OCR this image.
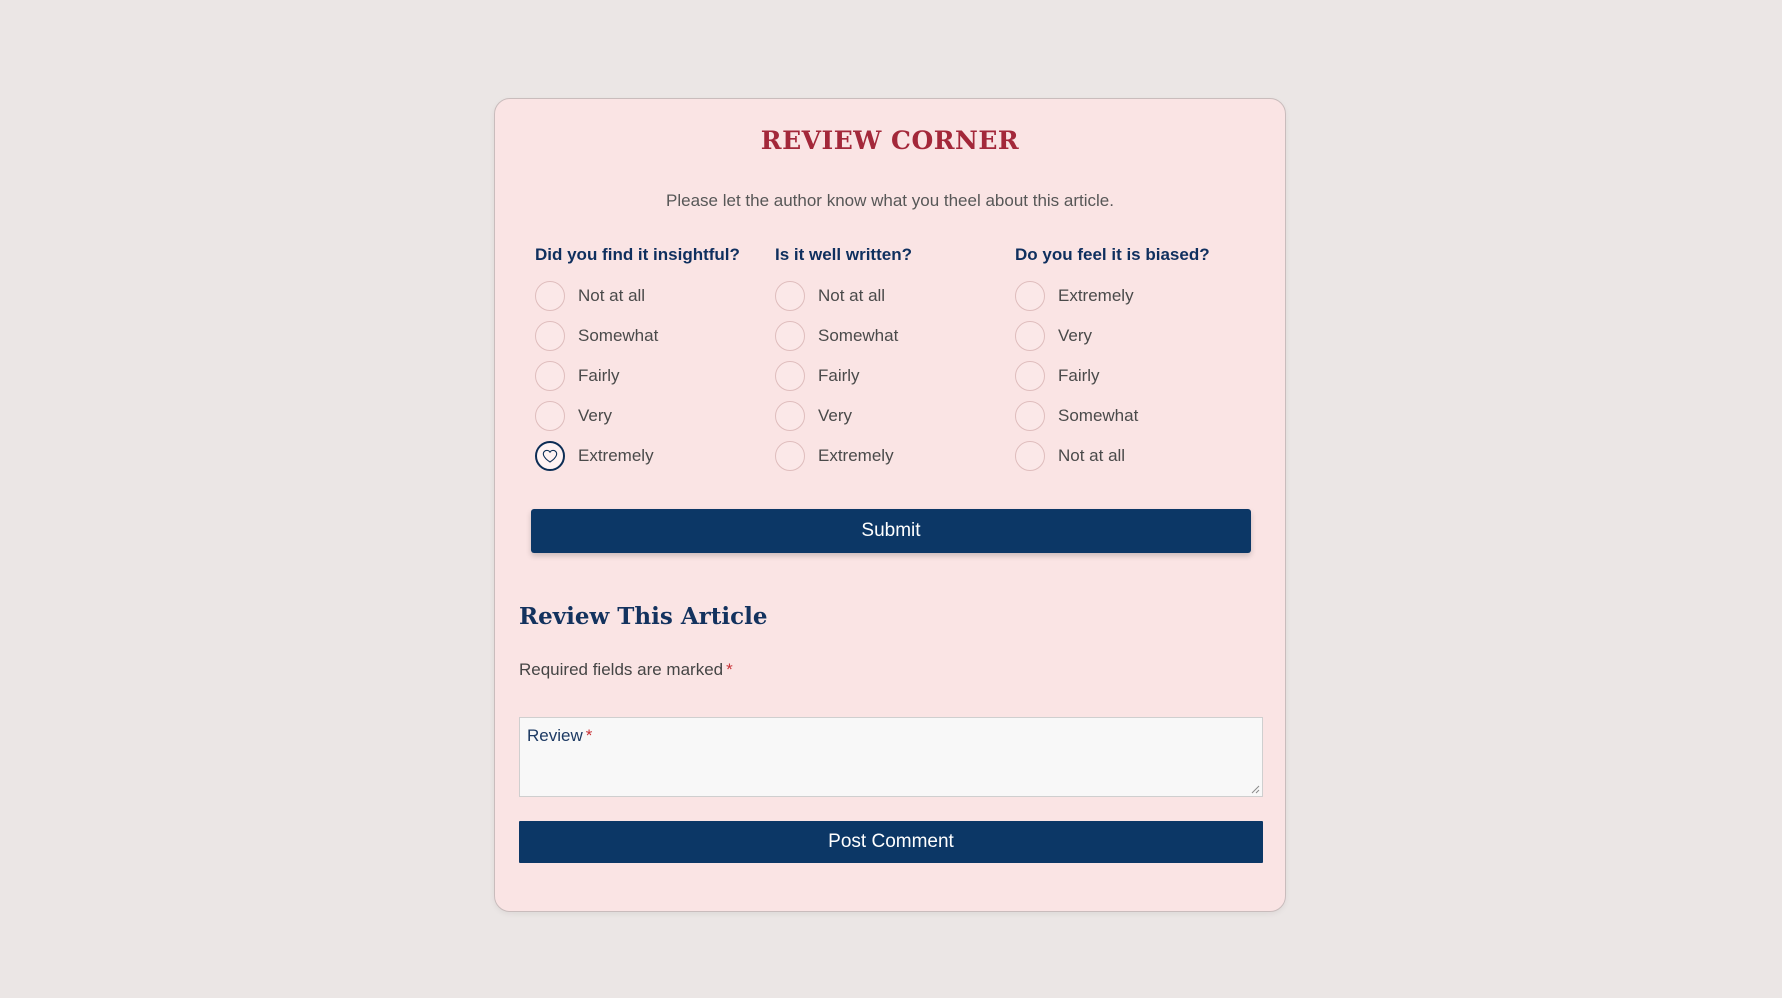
REVIEW CORNER
Please let the author know what you theel about this article.
Did you find it insightful?
Not at all
Somewhat
Fairly
Very
Extremely
Is it well written?
Not at all
Somewhat
Fairly
Very
Extremely
Do you feel it is biased?
Extremely
Very
Fairly
Somewhat
Not at all
Submit
Review This Article
Required fields are marked *
Review *
Post Comment
